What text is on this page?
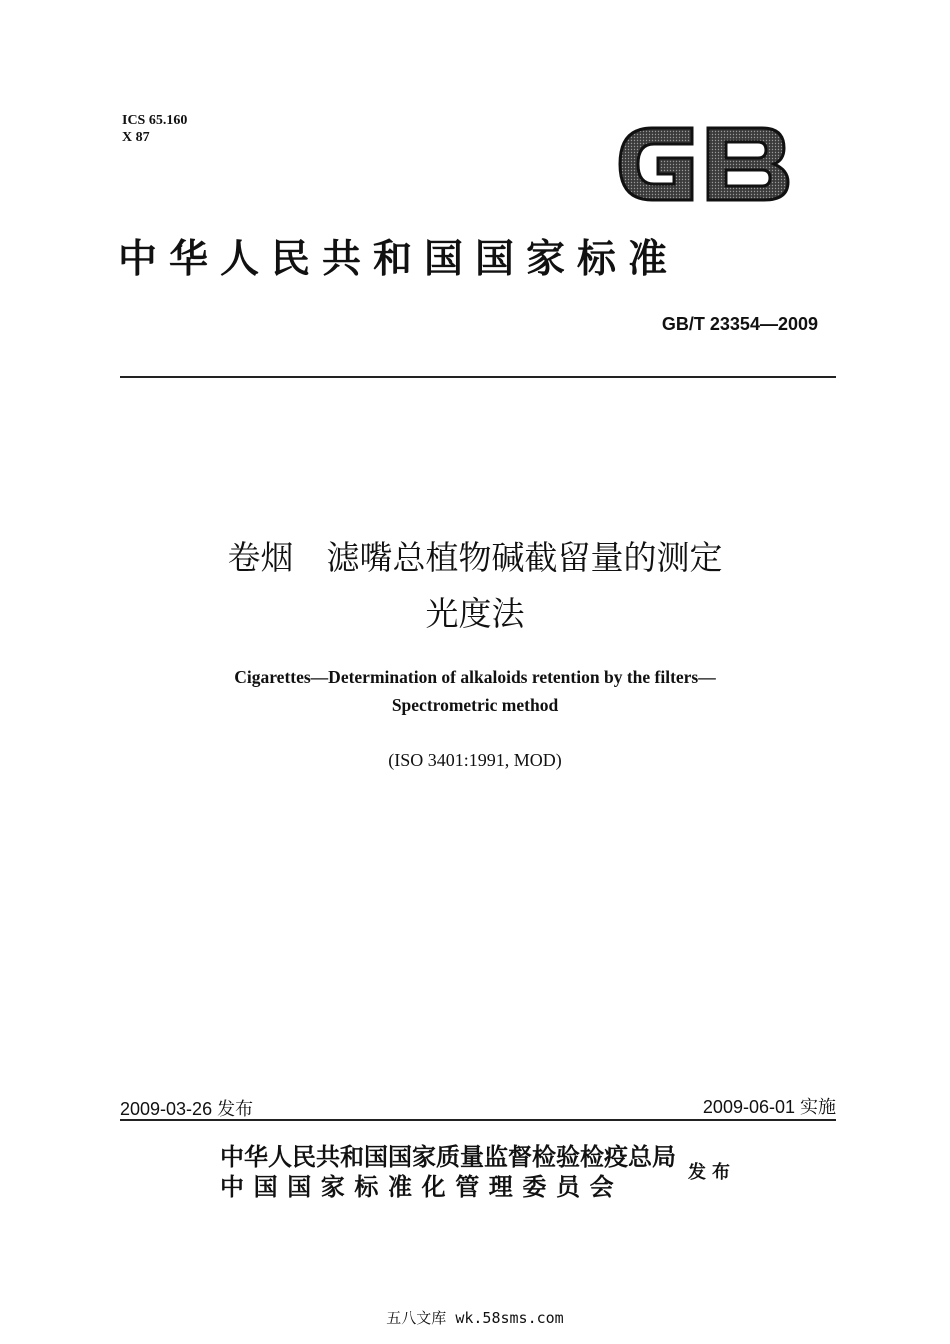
ICS 65.160
X 87
中华人民共和国国家标准
GB/T 23354—2009
卷烟　滤嘴总植物碱截留量的测定
光度法
Cigarettes—Determination of alkaloids retention by the filters—
Spectrometric method
(ISO 3401:1991, MOD)
2009-03-26 发布	2009-06-01 实施
中华人民共和国国家质量监督检验检疫总局
中国国家标准化管理委员会	发布
五八文库 wk.58sms.com
